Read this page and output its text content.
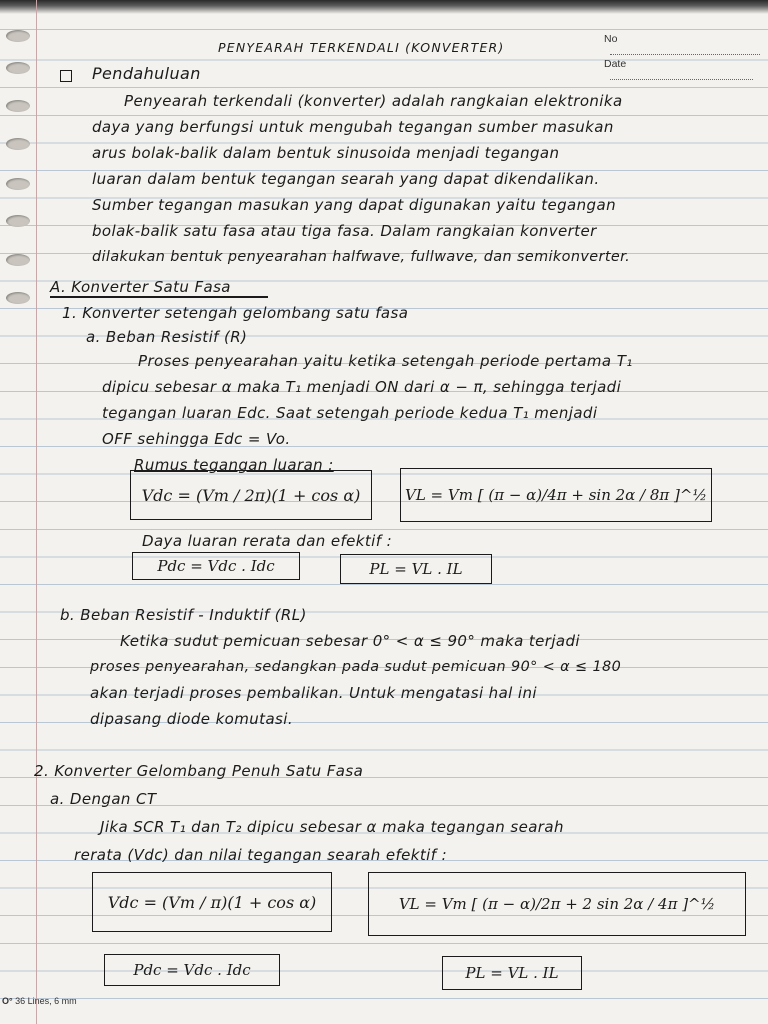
PENYEARAH TERKENDALI (KONVERTER)
No
Date
Pendahuluan
Penyearah terkendali (konverter) adalah rangkaian elektronika
daya yang berfungsi untuk mengubah tegangan sumber masukan
arus bolak-balik dalam bentuk sinusoida menjadi tegangan
luaran dalam bentuk tegangan searah yang dapat dikendalikan.
Sumber tegangan masukan yang dapat digunakan yaitu tegangan
bolak-balik satu fasa atau tiga fasa. Dalam rangkaian konverter
dilakukan bentuk penyearahan halfwave, fullwave, dan semikonverter.
A. Konverter Satu Fasa
1. Konverter setengah gelombang satu fasa
a. Beban Resistif (R)
Proses penyearahan yaitu ketika setengah periode pertama T₁
dipicu sebesar α maka T₁ menjadi ON dari α − π, sehingga terjadi
tegangan luaran Edc. Saat setengah periode kedua T₁ menjadi
OFF sehingga Edc = Vo.
Rumus tegangan luaran :
Vdc = (Vm / 2π)(1 + cos α)	VL = Vm [ (π − α)/4π + sin 2α / 8π ]^½
Daya luaran rerata dan efektif :
Pdc = Vdc . Idc	PL = VL . IL
b. Beban Resistif - Induktif (RL)
Ketika sudut pemicuan sebesar 0° < α ≤ 90° maka terjadi
proses penyearahan, sedangkan pada sudut pemicuan 90° < α ≤ 180
akan terjadi proses pembalikan. Untuk mengatasi hal ini
dipasang diode komutasi.
2. Konverter Gelombang Penuh Satu Fasa
a. Dengan CT
Jika SCR T₁ dan T₂ dipicu sebesar α maka tegangan searah
rerata (Vdc) dan nilai tegangan searah efektif :
Vdc = (Vm / π)(1 + cos α)	VL = Vm [ (π − α)/2π + 2 sin 2α / 4π ]^½
Pdc = Vdc . Idc	PL = VL . IL
O° 36 Lines, 6 mm
